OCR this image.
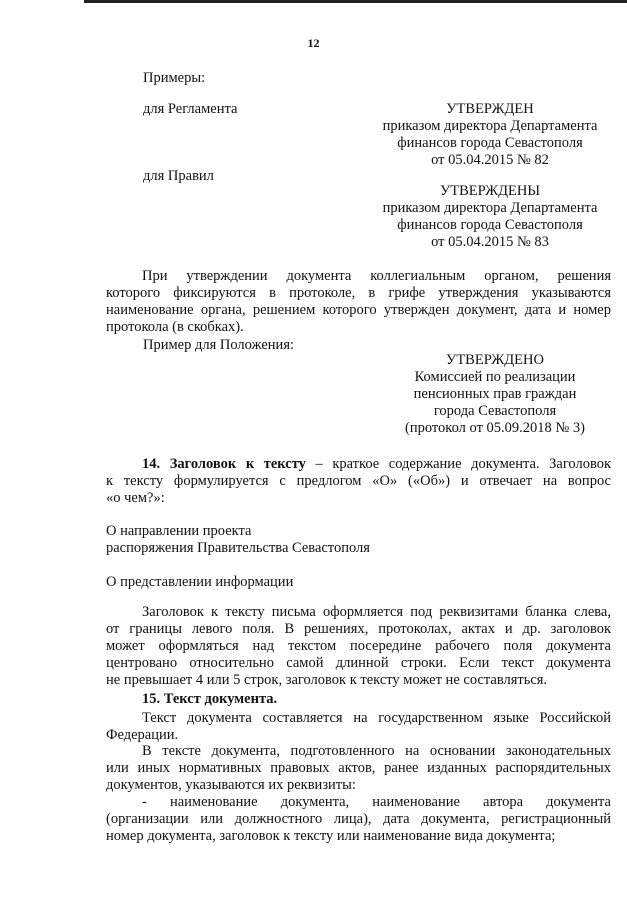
12
Примеры:
для Регламента	УТВЕРЖДЕН
приказом директора Департамента
финансов города Севастополя
от 05.04.2015 № 82
для Правил
УТВЕРЖДЕНЫ
приказом директора Департамента
финансов города Севастополя
от 05.04.2015 № 83
При утверждении документа коллегиальным органом, решения
которого фиксируются в протоколе, в грифе утверждения указываются
наименование органа, решением которого утвержден документ, дата и номер
протокола (в скобках).
Пример для Положения:
УТВЕРЖДЕНО
Комиссией по реализации
пенсионных прав граждан
города Севастополя
(протокол от 05.09.2018 № 3)
14. Заголовок к тексту – краткое содержание документа. Заголовок
к тексту формулируется с предлогом «О» («Об») и отвечает на вопрос
«о чем?»:
О направлении проекта
распоряжения Правительства Севастополя
О представлении информации
Заголовок к тексту письма оформляется под реквизитами бланка слева,
от границы левого поля. В решениях, протоколах, актах и др. заголовок
может оформляться над текстом посередине рабочего поля документа
центровано относительно самой длинной строки. Если текст документа
не превышает 4 или 5 строк, заголовок к тексту может не составляться.
15. Текст документа.
Текст документа составляется на государственном языке Российской
Федерации.
В тексте документа, подготовленного на основании законодательных
или иных нормативных правовых актов, ранее изданных распорядительных
документов, указываются их реквизиты:
- наименование документа, наименование автора документа
(организации или должностного лица), дата документа, регистрационный
номер документа, заголовок к тексту или наименование вида документа;
